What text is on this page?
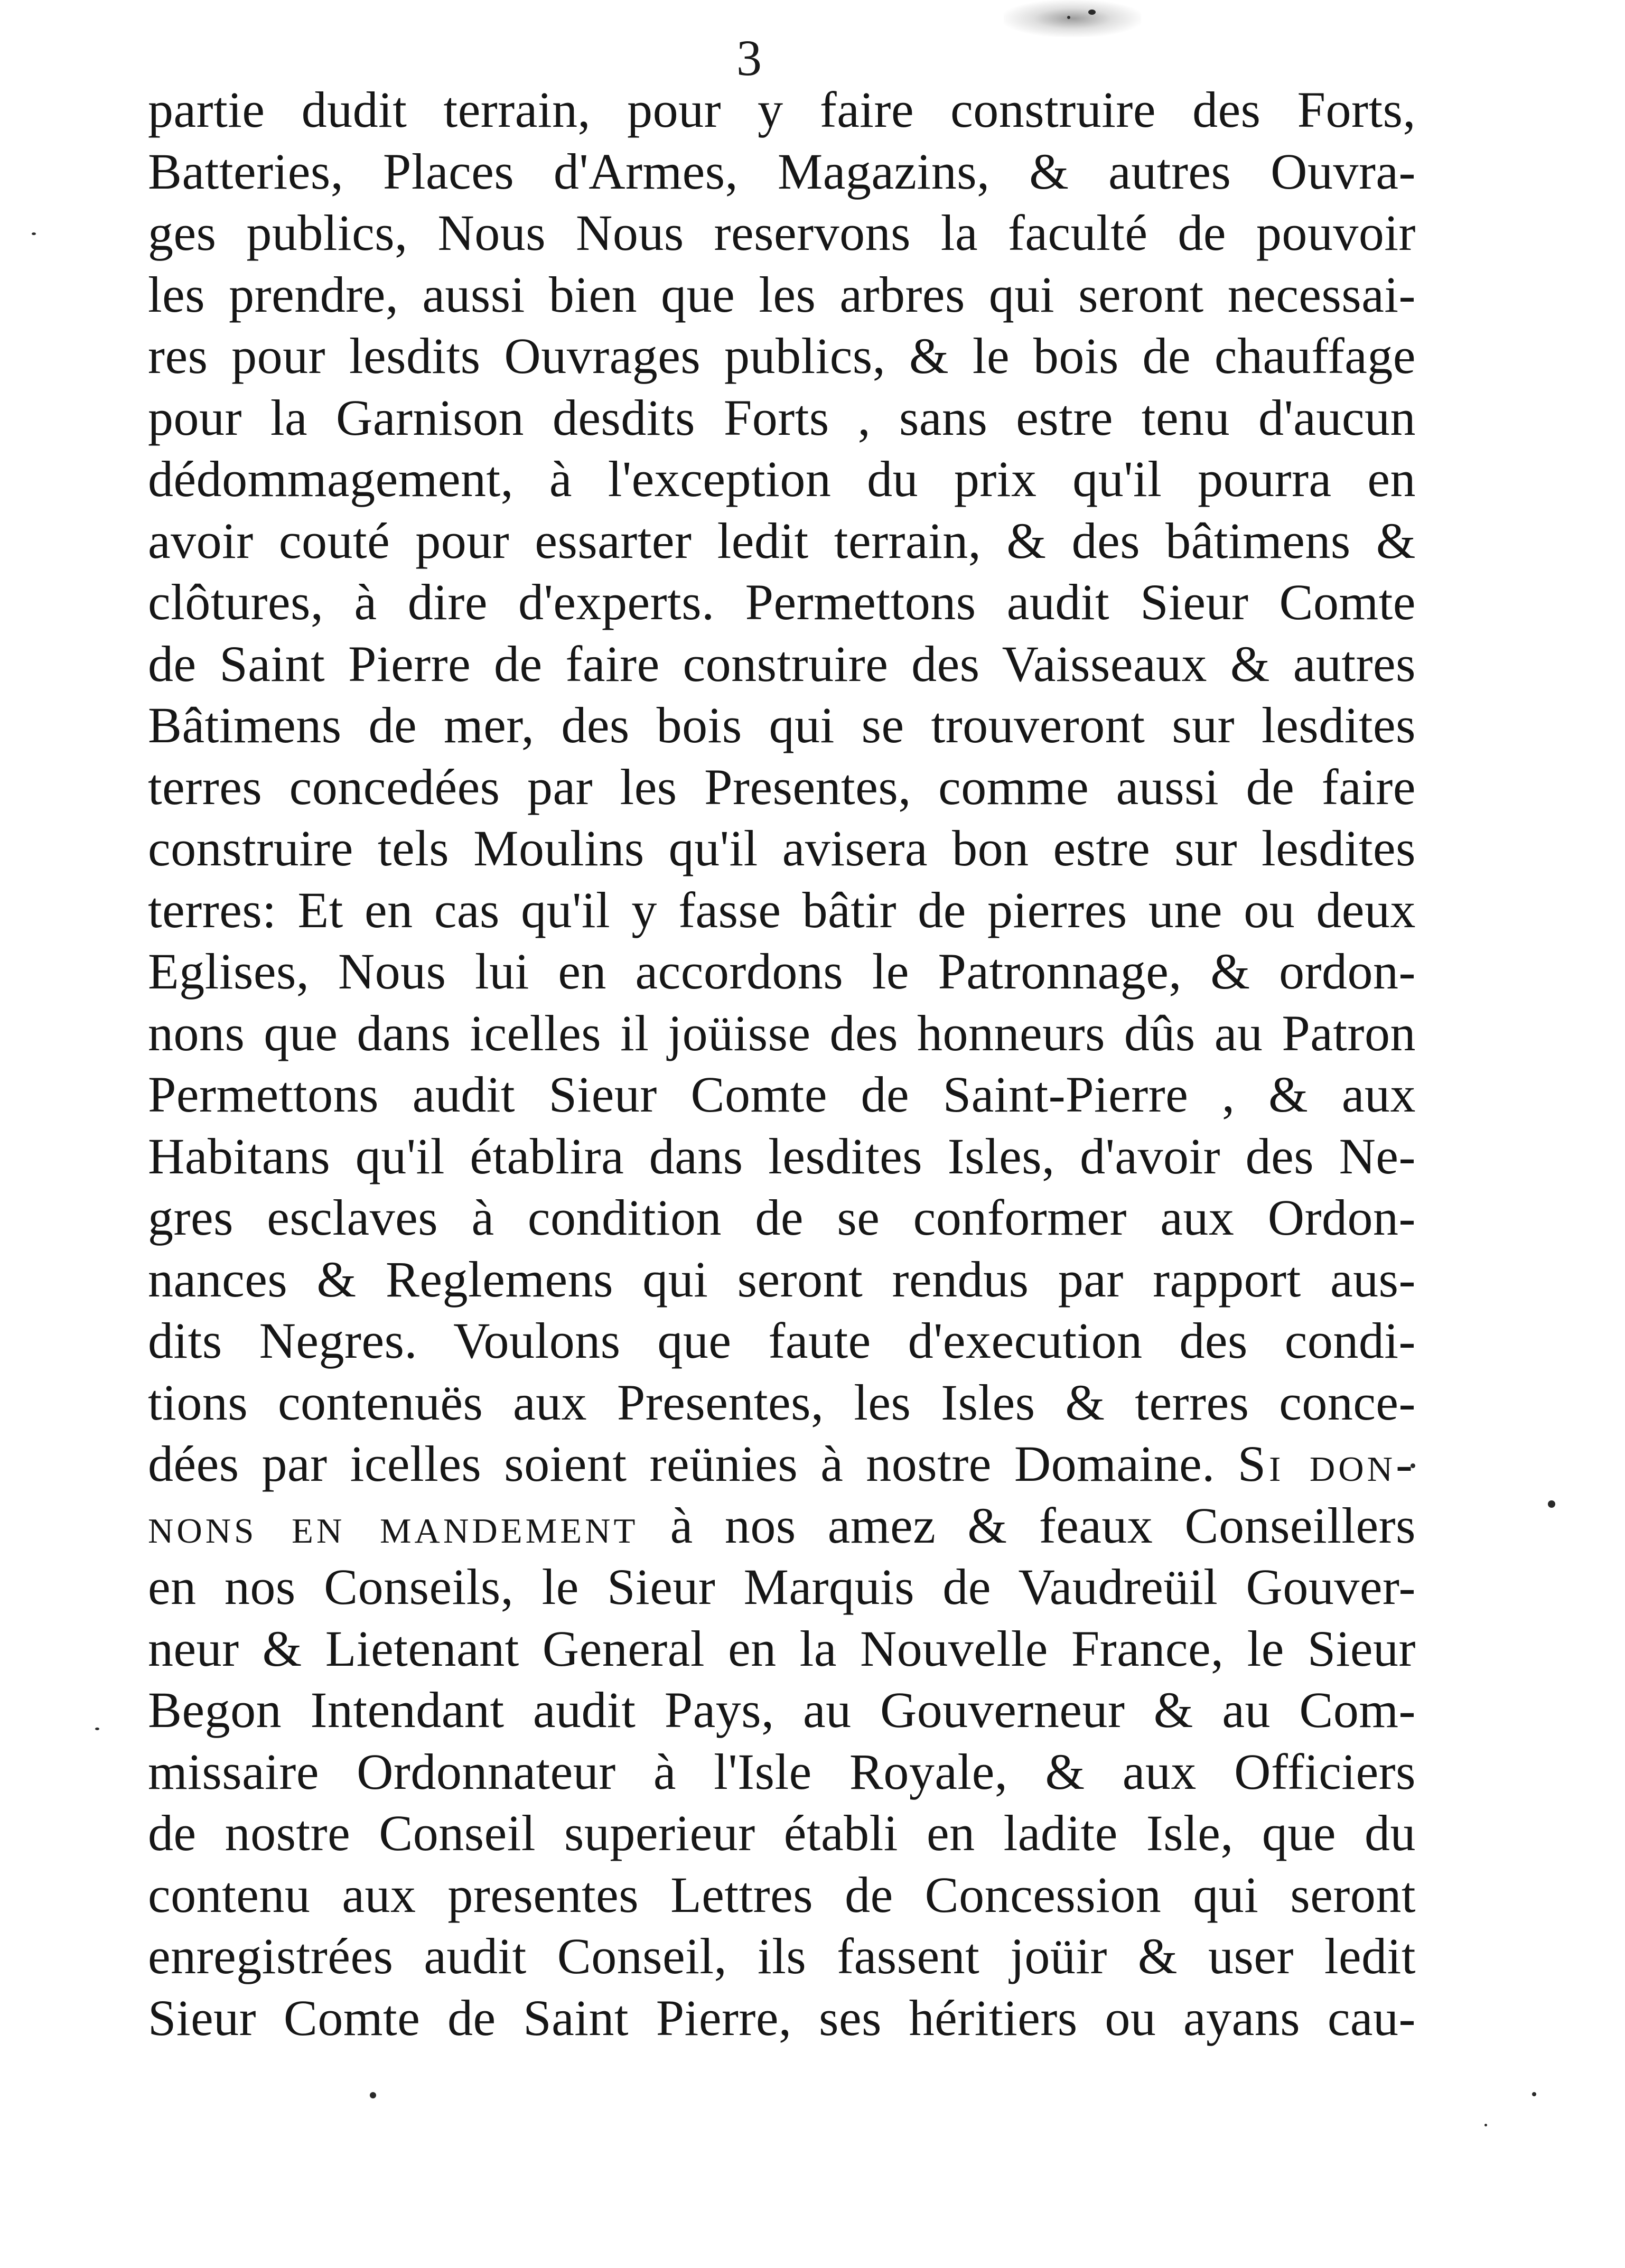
3
partie dudit terrain, pour y faire construire des Forts,
Batteries, Places d'Armes, Magazins, & autres Ouvra-
ges publics, Nous Nous reservons la faculté de pouvoir
les prendre, aussi bien que les arbres qui seront necessai-
res pour lesdits Ouvrages publics, & le bois de chauffage
pour la Garnison desdits Forts , sans estre tenu d'aucun
dédommagement, à l'exception du prix qu'il pourra en
avoir couté pour essarter ledit terrain, & des bâtimens &
clôtures, à dire d'experts. Permettons audit Sieur Comte
de Saint Pierre de faire construire des Vaisseaux & autres
Bâtimens de mer, des bois qui se trouveront sur lesdites
terres concedées par les Presentes, comme aussi de faire
construire tels Moulins qu'il avisera bon estre sur lesdites
terres: Et en cas qu'il y fasse bâtir de pierres une ou deux
Eglises, Nous lui en accordons le Patronnage, & ordon-
nons que dans icelles il joüisse des honneurs dûs au Patron
Permettons audit Sieur Comte de Saint-Pierre , & aux
Habitans qu'il établira dans lesdites Isles, d'avoir des Ne-
gres esclaves à condition de se conformer aux Ordon-
nances & Reglemens qui seront rendus par rapport aus-
dits Negres. Voulons que faute d'execution des condi-
tions contenuës aux Presentes, les Isles & terres conce-
dées par icelles soient reünies à nostre Domaine. Si don-
nons en mandement à nos amez & feaux Conseillers
en nos Conseils, le Sieur Marquis de Vaudreüil Gouver-
neur & Lietenant General en la Nouvelle France, le Sieur
Begon Intendant audit Pays, au Gouverneur & au Com-
missaire Ordonnateur à l'Isle Royale, & aux Officiers
de nostre Conseil superieur établi en ladite Isle, que du
contenu aux presentes Lettres de Concession qui seront
enregistrées audit Conseil, ils fassent joüir & user ledit
Sieur Comte de Saint Pierre, ses héritiers ou ayans cau-
